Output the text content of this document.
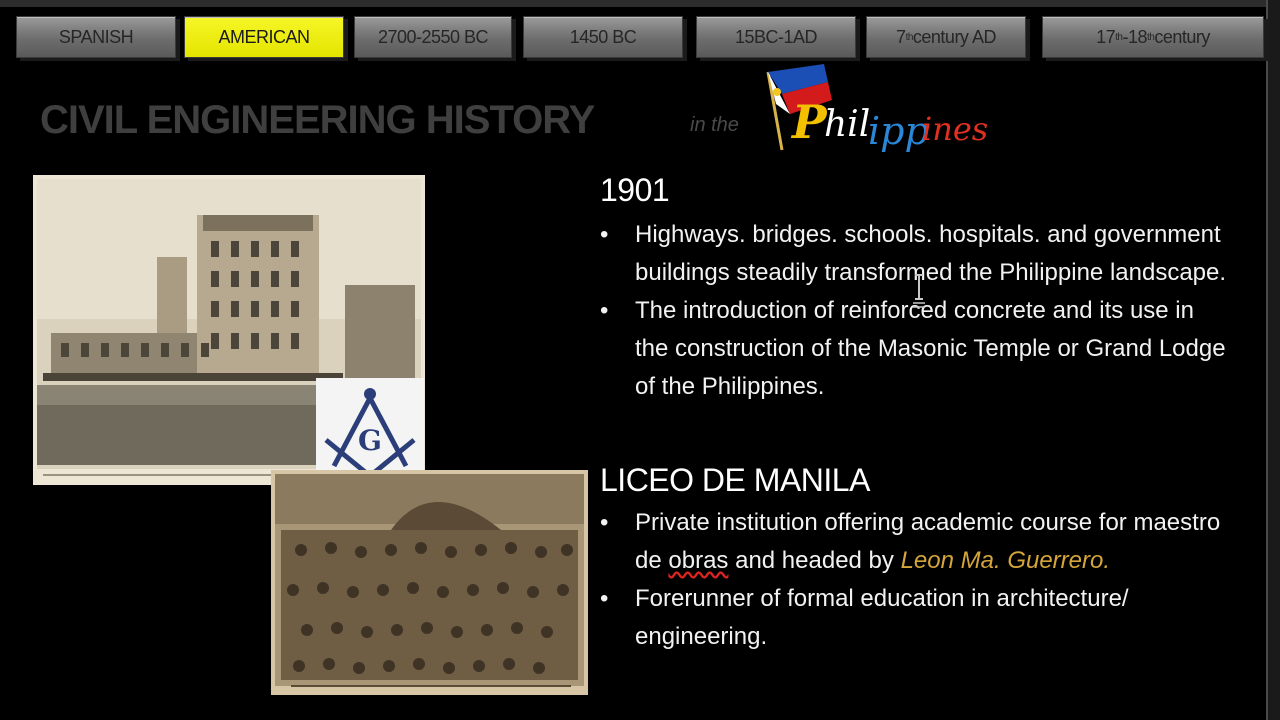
SPANISH	AMERICAN	2700-2550 BC	1450 BC	15BC-1AD	7 th century AD	17 th -18 th century
CIVIL ENGINEERING HISTORY	in the P
hil
ipp
ines
G
1901
• Highways. bridges. schools. hospitals. and government buildings steadily transformed the Philippine landscape.
• The introduction of reinforced concrete and its use in the construction of the Masonic Temple or Grand Lodge of the Philippines.
LICEO DE MANILA
• Private institution offering academic course for maestro de obras and headed by Leon Ma. Guerrero.
• Forerunner of formal education in architecture/ engineering.
